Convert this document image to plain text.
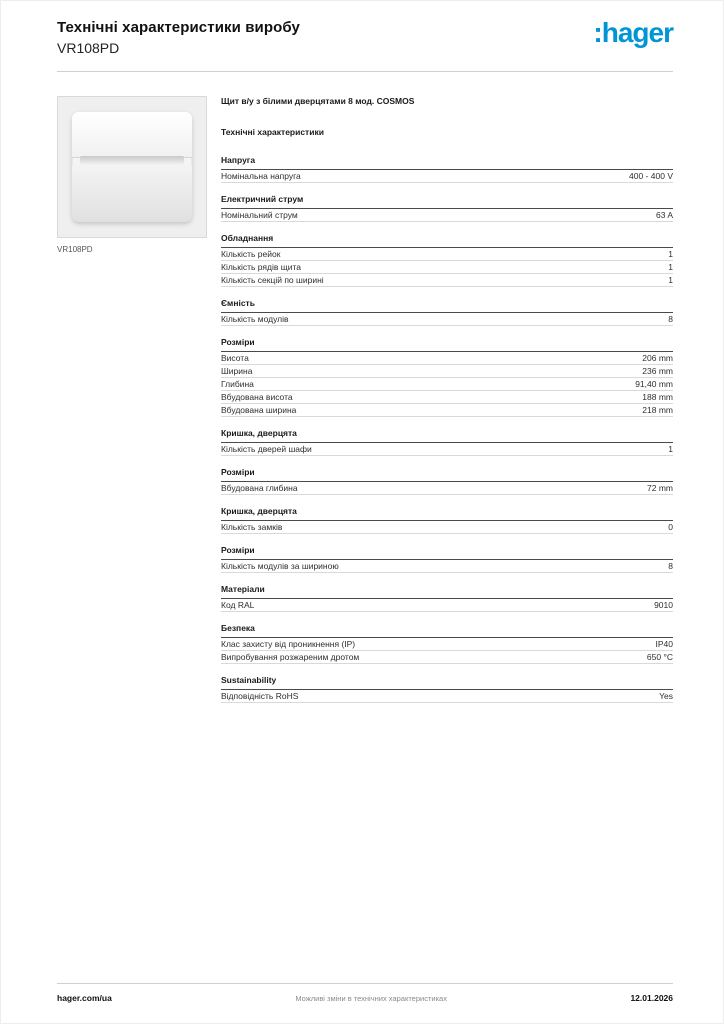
Технічні характеристики виробу
VR108PD	:hager
VR108PD
Щит в/у з білими дверцятами 8 мод. COSMOS
Технічні характеристики
Напруга
Номінальна напруга	400 - 400 V
Електричний струм
Номінальний струм	63 A
Обладнання
Кількість рейок	1
Кількість рядів щита	1
Кількість секцій по ширині	1
Ємність
Кількість модулів	8
Розміри
Висота	206 mm
Ширина	236 mm
Глибина	91,40 mm
Вбудована висота	188 mm
Вбудована ширина	218 mm
Кришка, дверцята
Кількість дверей шафи	1
Розміри
Вбудована глибина	72 mm
Кришка, дверцята
Кількість замків	0
Розміри
Кількість модулів за шириною	8
Матеріали
Код RAL	9010
Безпека
Клас захисту від проникнення (IP)	IP40
Випробування розжареним дротом	650 °C
Sustainability
Відповідність RoHS	Yes
hager.com/ua	Можливі зміни в технічних характеристиках	12.01.2026
